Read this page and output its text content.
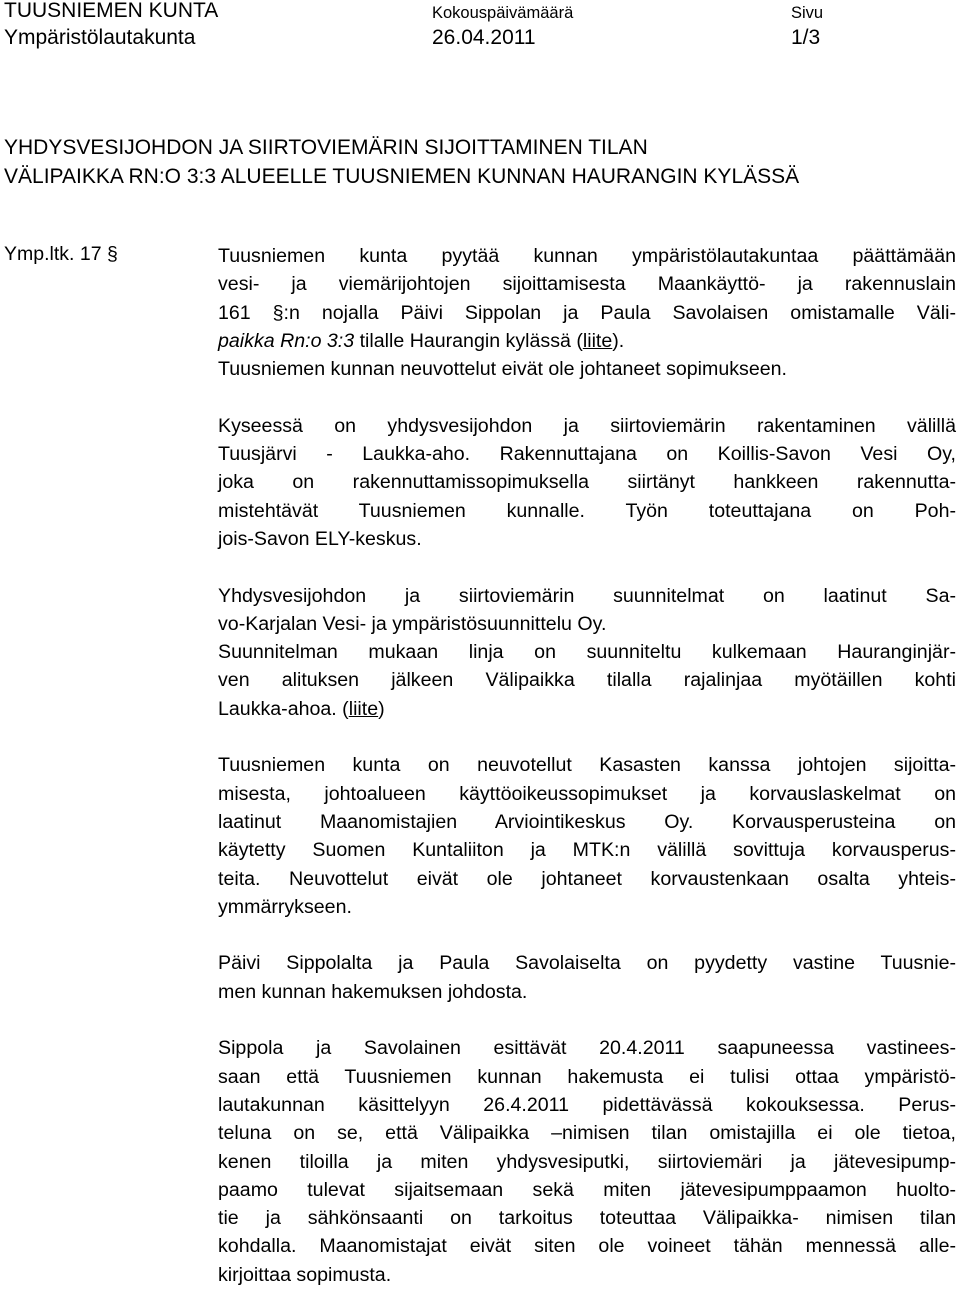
TUUSNIEMEN KUNTA
Ympäristölautakunta
Kokouspäivämäärä
26.04.2011
Sivu
1/3
YHDYSVESIJOHDON JA SIIRTOVIEMÄRIN SIJOITTAMINEN TILAN
VÄLIPAIKKA RN:O 3:3 ALUEELLE TUUSNIEMEN KUNNAN HAURANGIN KYLÄSSÄ
Ymp.ltk. 17 §	Tuusniemen kunta pyytää kunnan ympäristölautakuntaa päättämään
vesi- ja viemärijohtojen sijoittamisesta Maankäyttö- ja rakennuslain
161 §:n nojalla Päivi Sippolan ja Paula Savolaisen omistamalle Väli-
paikka Rn:o 3:3 tilalle Haurangin kylässä (liite).
Tuusniemen kunnan neuvottelut eivät ole johtaneet sopimukseen.

Kyseessä on yhdysvesijohdon ja siirtoviemärin rakentaminen välillä
Tuusjärvi - Laukka-aho. Rakennuttajana on Koillis-Savon Vesi Oy,
joka on rakennuttamissopimuksella siirtänyt hankkeen rakennutta-
mistehtävät Tuusniemen kunnalle. Työn toteuttajana on Poh-
jois-Savon ELY-keskus.

Yhdysvesijohdon ja siirtoviemärin suunnitelmat on laatinut Sa-
vo-Karjalan Vesi- ja ympäristösuunnittelu Oy.

Suunnitelman mukaan linja on suunniteltu kulkemaan Hauranginjär-
ven alituksen jälkeen Välipaikka tilalla rajalinjaa myötäillen kohti
Laukka-ahoa. (liite)

Tuusniemen kunta on neuvotellut Kasasten kanssa johtojen sijoitta-
misesta, johtoalueen käyttöoikeussopimukset ja korvauslaskelmat on
laatinut Maanomistajien Arviointikeskus Oy. Korvausperusteina on
käytetty Suomen Kuntaliiton ja MTK:n välillä sovittuja korvausperus-
teita. Neuvottelut eivät ole johtaneet korvaustenkaan osalta yhteis-
ymmärrykseen.

Päivi Sippolalta ja Paula Savolaiselta on pyydetty vastine Tuusnie-
men kunnan hakemuksen johdosta.

Sippola ja Savolainen esittävät 20.4.2011 saapuneessa vastinees-
saan että Tuusniemen kunnan hakemusta ei tulisi ottaa ympäristö-
lautakunnan käsittelyyn 26.4.2011 pidettävässä kokouksessa. Perus-
teluna on se, että Välipaikka –nimisen tilan omistajilla ei ole tietoa,
kenen tiloilla ja miten yhdysvesiputki, siirtoviemäri ja jätevesipump-
paamo tulevat sijaitsemaan sekä miten jätevesipumppaamon huolto-
tie ja sähkönsaanti on tarkoitus toteuttaa Välipaikka- nimisen tilan
kohdalla. Maanomistajat eivät siten ole voineet tähän mennessä alle-
kirjoittaa sopimusta.
